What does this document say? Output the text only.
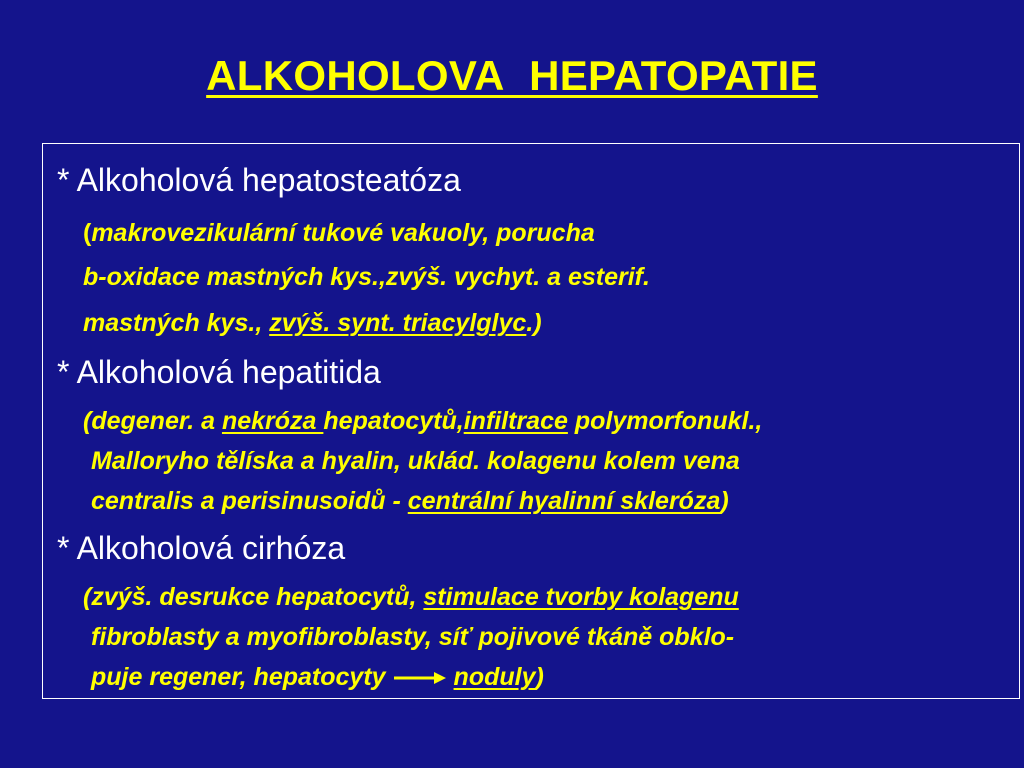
ALKOHOLOVA HEPATOPATIE
* Alkoholová hepatosteatóza
(makrovezikulární tukové vakuoly, porucha
b-oxidace mastných kys.,zvýš. vychyt. a esterif.
mastných kys., zvýš. synt. triacylglyc.)
* Alkoholová hepatitida
(degener. a nekróza hepatocytů,infiltrace polymorfonukl.,
Malloryho tělíska a hyalin, uklád. kolagenu kolem vena
centralis a perisinusoidů - centrální hyalinní skleróza)
* Alkoholová cirhóza
(zvýš. desrukce hepatocytů, stimulace tvorby kolagenu
fibroblasty a myofibroblasty, síť pojivové tkáně obklo-
puje regener, hepatocyty	noduly)
